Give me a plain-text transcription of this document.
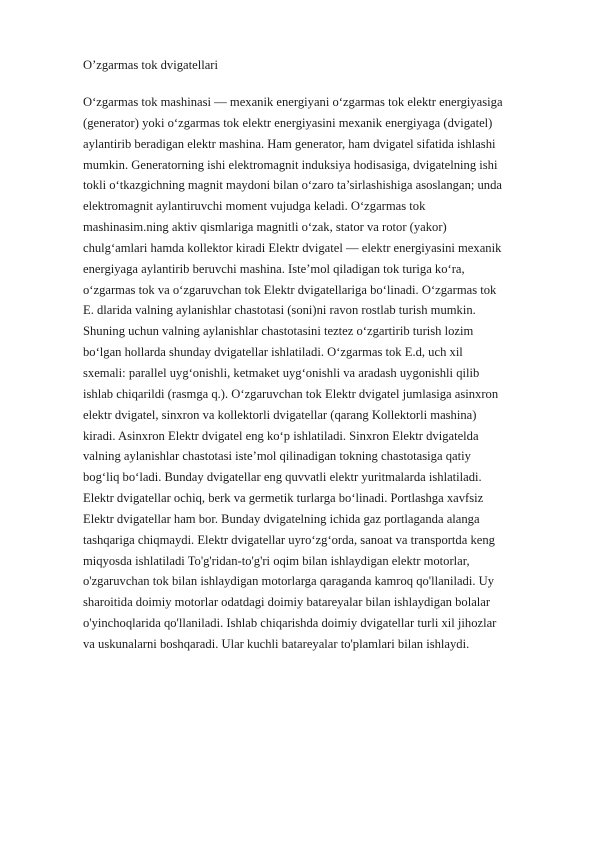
O’zgarmas tok dvigatellari
O‘zgarmas tok mashinasi — mexanik energiyani o‘zgarmas tok elektr energiyasiga
(generator) yoki o‘zgarmas tok elektr energiyasini mexanik energiyaga (dvigatel)
aylantirib beradigan elektr mashina. Ham generator, ham dvigatel sifatida ishlashi
mumkin. Generatorning ishi elektromagnit induksiya hodisasiga, dvigatelning ishi
tokli o‘tkazgichning magnit maydoni bilan o‘zaro ta’sirlashishiga asoslangan; unda
elektromagnit aylantiruvchi moment vujudga keladi. O‘zgarmas tok
mashinasim.ning aktiv qismlariga magnitli o‘zak, stator va rotor (yakor)
chulg‘amlari hamda kollektor kiradi Elektr dvigatel — elektr energiyasini mexanik
energiyaga aylantirib beruvchi mashina. Iste’mol qiladigan tok turiga ko‘ra,
o‘zgarmas tok va o‘zgaruvchan tok Elektr dvigatellariga bo‘linadi. O‘zgarmas tok
E. dlarida valning aylanishlar chastotasi (soni)ni ravon rostlab turish mumkin.
Shuning uchun valning aylanishlar chastotasini teztez o‘zgartirib turish lozim
bo‘lgan hollarda shunday dvigatellar ishlatiladi. O‘zgarmas tok E.d, uch xil
sxemali: parallel uyg‘onishli, ketmaket uyg‘onishli va aradash uygonishli qilib
ishlab chiqarildi (rasmga q.). O‘zgaruvchan tok Elektr dvigatel jumlasiga asinxron
elektr dvigatel, sinxron va kollektorli dvigatellar (qarang Kollektorli mashina)
kiradi. Asinxron Elektr dvigatel eng ko‘p ishlatiladi. Sinxron Elektr dvigatelda
valning aylanishlar chastotasi iste’mol qilinadigan tokning chastotasiga qatiy
bog‘liq bo‘ladi. Bunday dvigatellar eng quvvatli elektr yuritmalarda ishlatiladi.
Elektr dvigatellar ochiq, berk va germetik turlarga bo‘linadi. Portlashga xavfsiz
Elektr dvigatellar ham bor. Bunday dvigatelning ichida gaz portlaganda alanga
tashqariga chiqmaydi. Elektr dvigatellar uyro‘zg‘orda, sanoat va transportda keng
miqyosda ishlatiladi To'g'ridan-to'g'ri oqim bilan ishlaydigan elektr motorlar,
o'zgaruvchan tok bilan ishlaydigan motorlarga qaraganda kamroq qo'llaniladi. Uy
sharoitida doimiy motorlar odatdagi doimiy batareyalar bilan ishlaydigan bolalar
o'yinchoqlarida qo'llaniladi. Ishlab chiqarishda doimiy dvigatellar turli xil jihozlar
va uskunalarni boshqaradi. Ular kuchli batareyalar to'plamlari bilan ishlaydi.
